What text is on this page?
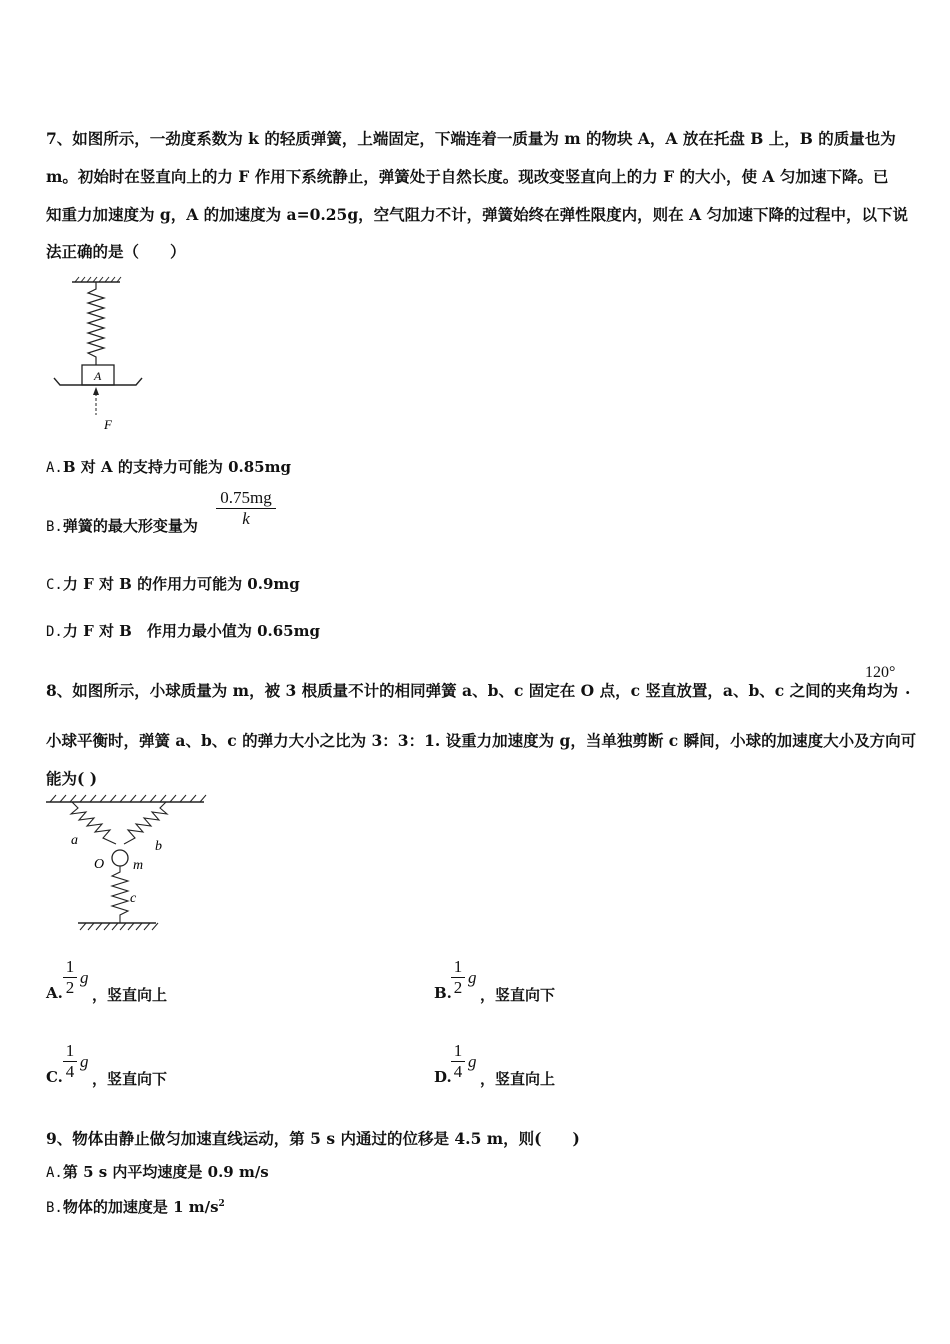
7、如图所示，一劲度系数为 k 的轻质弹簧，上端固定，下端连着一质量为 m 的物块 A，A 放在托盘 B 上，B 的质量也为
m。初始时在竖直向上的力 F 作用下系统静止，弹簧处于自然长度。现改变竖直向上的力 F 的大小，使 A 匀加速下降。已
知重力加速度为 g，A 的加速度为 a=0.25g，空气阻力不计，弹簧始终在弹性限度内，则在 A 匀加速下降的过程中，以下说
法正确的是（　　）
A
F
A.B 对 A 的支持力可能为 0.85mg
B.弹簧的最大形变量为
0.75mg
k
C.力 F 对 B 的作用力可能为 0.9mg
D.力 F 对 B　作用力最小值为 0.65mg
8、如图所示，小球质量为 m，被 3 根质量不计的相同弹簧 a、b、c 固定在 O 点，c 竖直放置，a、b、c 之间的夹角均为
120°
.
小球平衡时，弹簧 a、b、c 的弹力大小之比为 3：3：1. 设重力加速度为 g，当单独剪断 c 瞬间，小球的加速度大小及方向可
能为( )
a	b
O m
c
A.
1
2
g
，竖直向上	B.
1
2
g
，竖直向下
C.
1
4
g
，竖直向下	D.
1
4
g
，竖直向上
9、物体由静止做匀加速直线运动，第 5 s 内通过的位移是 4.5 m，则(　　)
A.第 5 s 内平均速度是 0.9 m/s
B.物体的加速度是 1 $m/s^2$
